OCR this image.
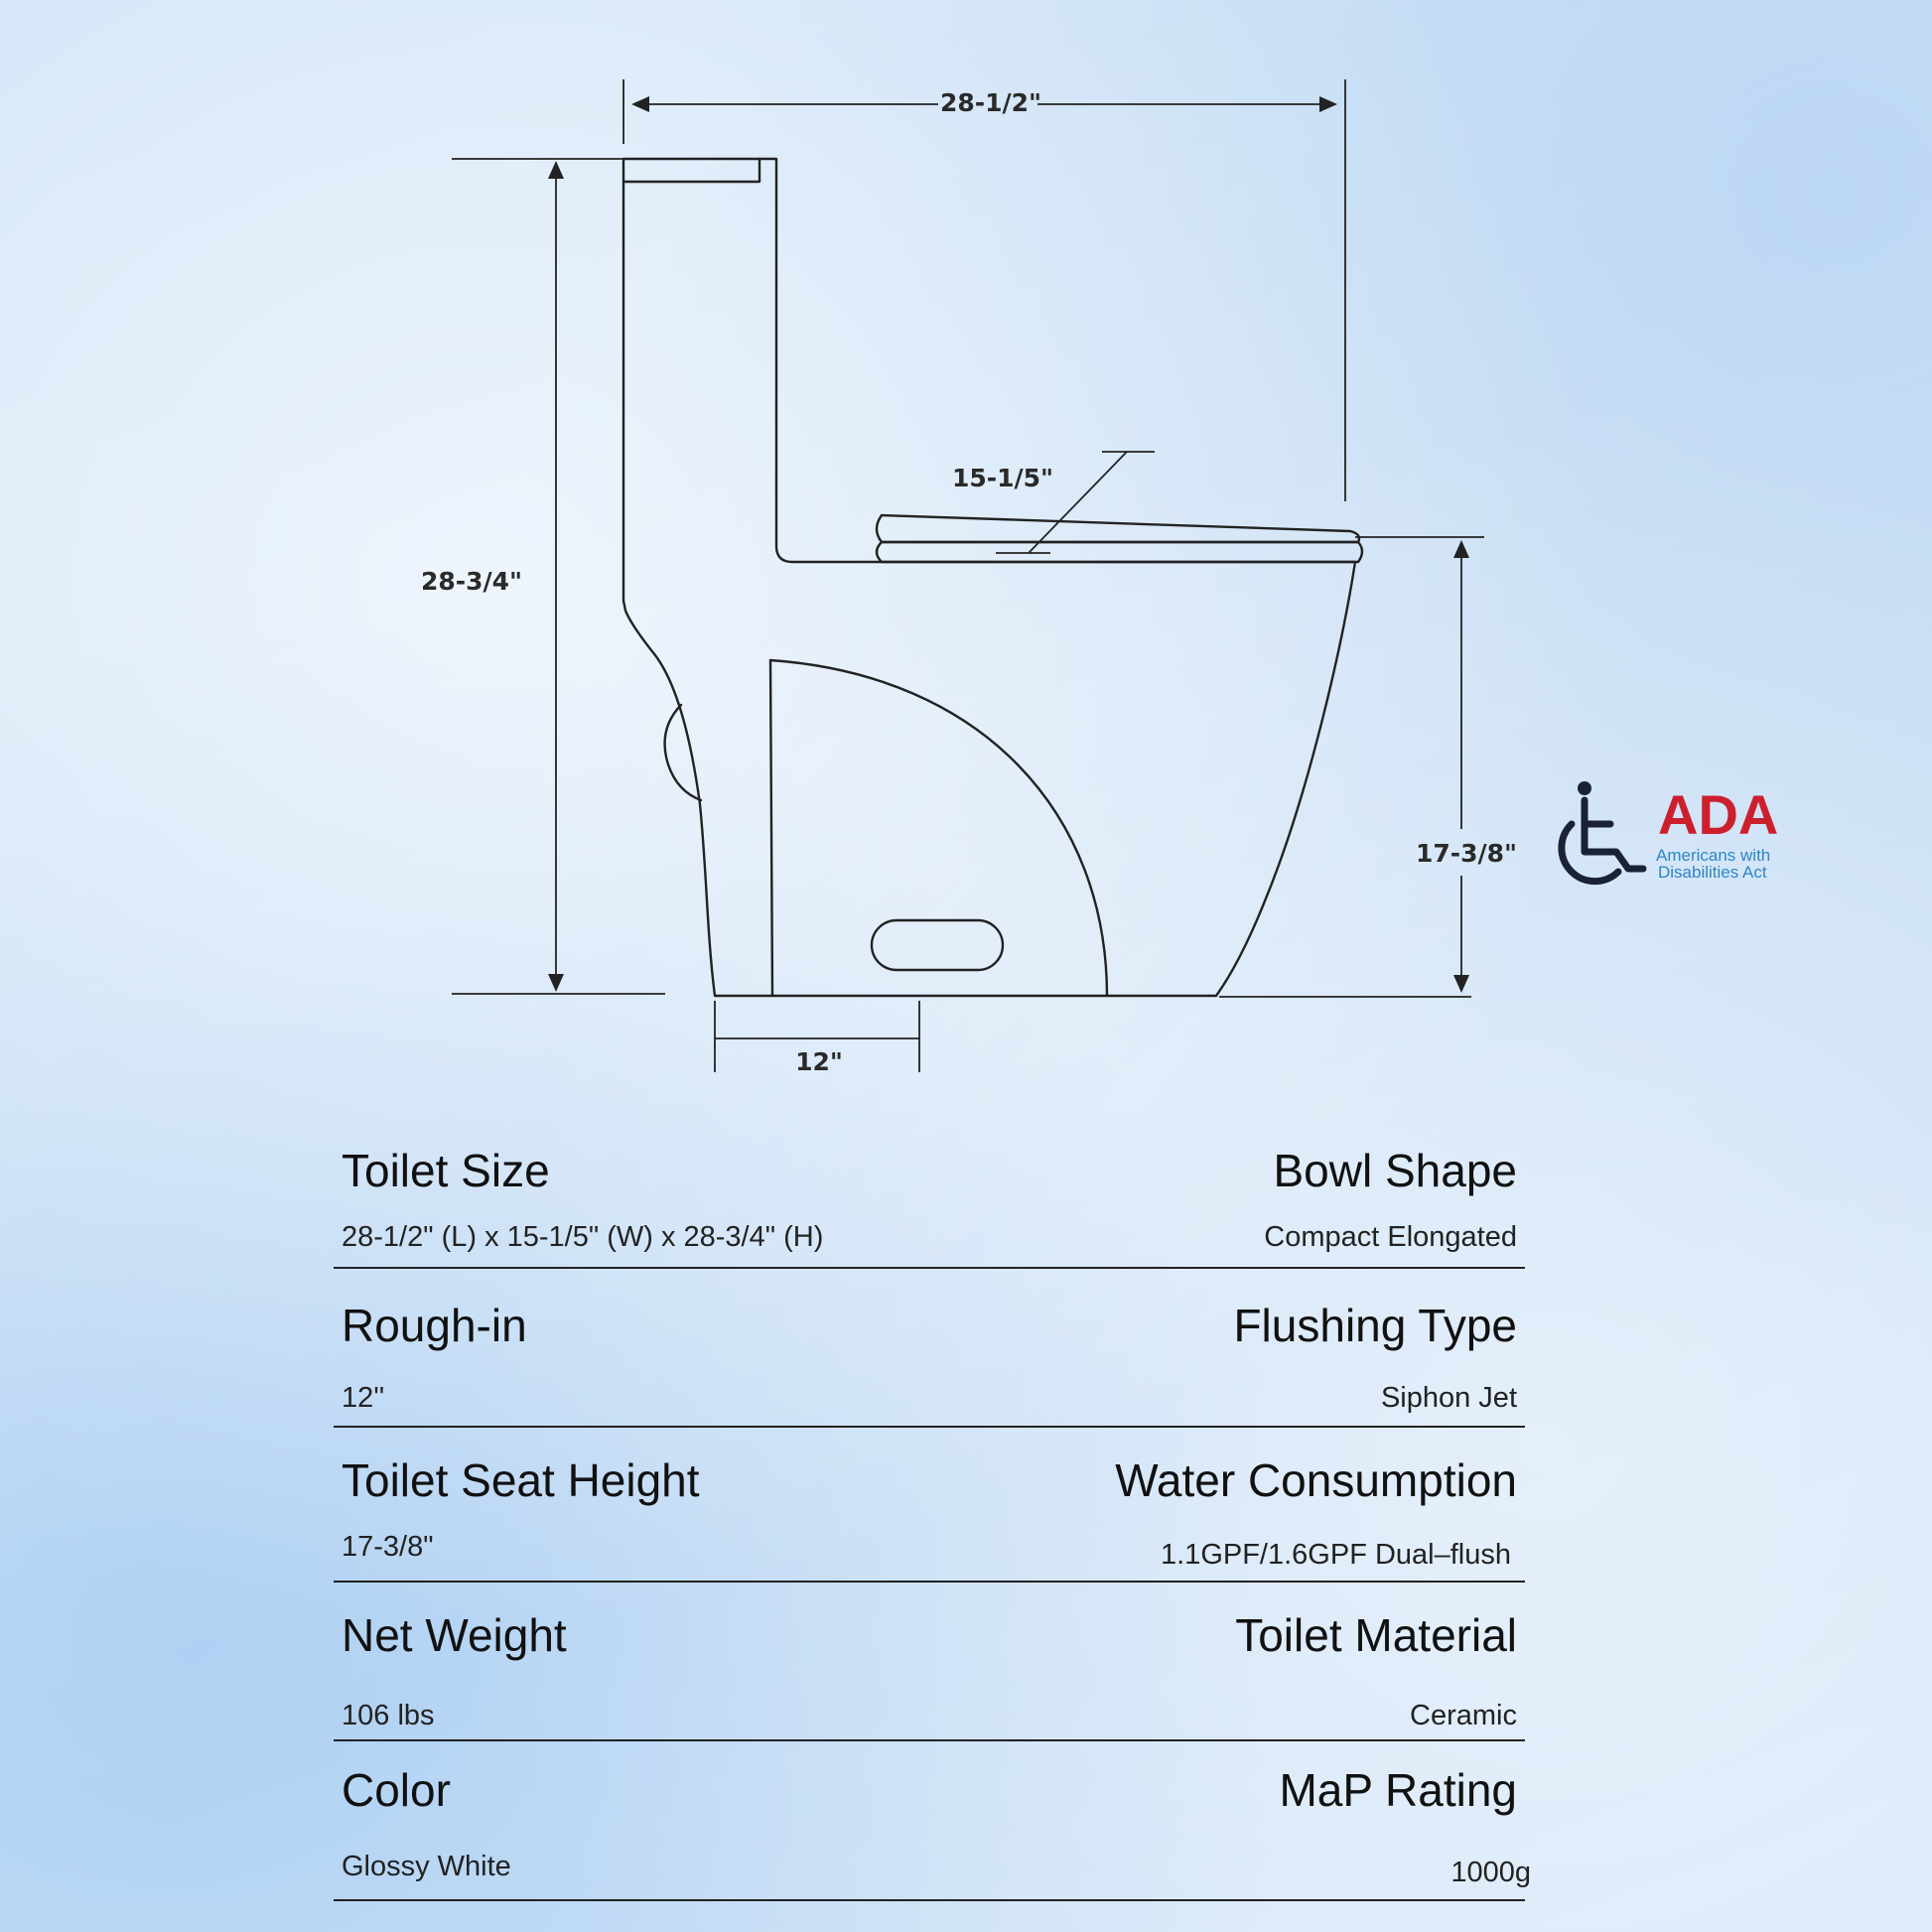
28-1/2"
28-3/4"
15-1/5"
17-3/8"
12"
ADA
Americans with
Disabilities Act
Toilet Size	Bowl Shape
28-1/2" (L) x 15-1/5" (W) x 28-3/4" (H)	Compact Elongated
Rough-in	Flushing Type
12''	Siphon Jet
Toilet Seat Height	Water Consumption
17-3/8"	1.1GPF/1.6GPF Dual–flush
Net Weight	Toilet Material
106 lbs	Ceramic
Color	MaP Rating
Glossy White	1000g
